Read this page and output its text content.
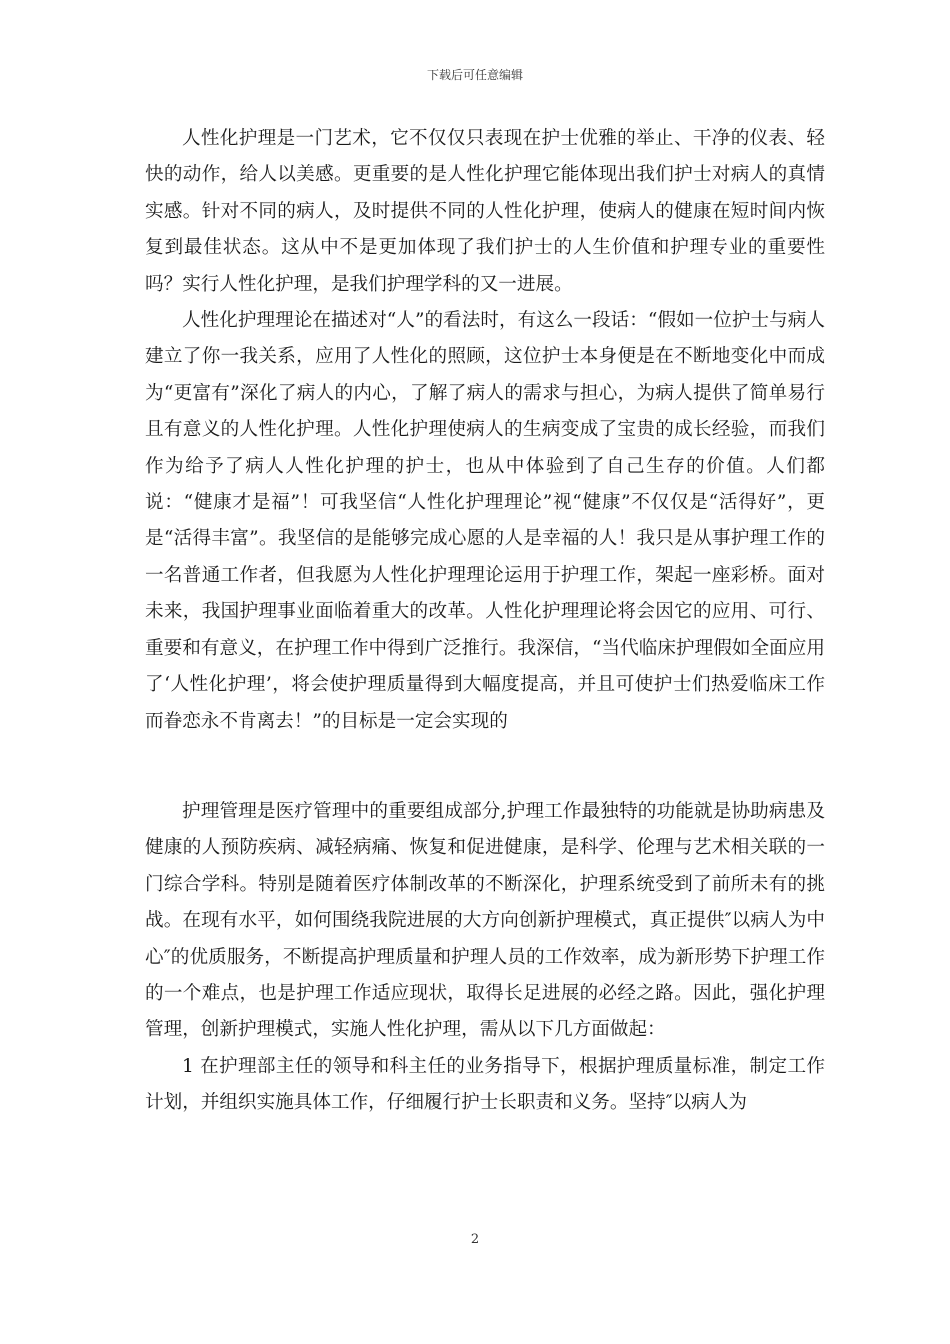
下载后可任意编辑

人性化护理是一门艺术，它不仅仅只表现在护士优雅的举止、干净的仪表、轻快的动作，给人以美感。更重要的是人性化护理它能体现出我们护士对病人的真情实感。针对不同的病人，及时提供不同的人性化护理，使病人的健康在短时间内恢复到最佳状态。这从中不是更加体现了我们护士的人生价值和护理专业的重要性吗？实行人性化护理，是我们护理学科的又一进展。

人性化护理理论在描述对“人”的看法时，有这么一段话：“假如一位护士与病人建立了你一我关系，应用了人性化的照顾，这位护士本身便是在不断地变化中而成为“更富有”深化了病人的内心，了解了病人的需求与担心，为病人提供了简单易行且有意义的人性化护理。人性化护理使病人的生病变成了宝贵的成长经验，而我们作为给予了病人人性化护理的护士，也从中体验到了自己生存的价值。人们都说：“健康才是福”！可我坚信“人性化护理理论”视“健康”不仅仅是“活得好”，更是“活得丰富”。我坚信的是能够完成心愿的人是幸福的人！我只是从事护理工作的一名普通工作者，但我愿为人性化护理理论运用于护理工作，架起一座彩桥。面对未来，我国护理事业面临着重大的改革。人性化护理理论将会因它的应用、可行、重要和有意义，在护理工作中得到广泛推行。我深信，“当代临床护理假如全面应用了‘人性化护理’，将会使护理质量得到大幅度提高，并且可使护士们热爱临床工作而眷恋永不肯离去！”的目标是一定会实现的

护理管理是医疗管理中的重要组成部分,护理工作最独特的功能就是协助病患及健康的人预防疾病、减轻病痛、恢复和促进健康，是科学、伦理与艺术相关联的一门综合学科。特别是随着医疗体制改革的不断深化，护理系统受到了前所未有的挑战。在现有水平，如何围绕我院进展的大方向创新护理模式，真正提供″以病人为中心″的优质服务，不断提高护理质量和护理人员的工作效率，成为新形势下护理工作的一个难点，也是护理工作适应现状，取得长足进展的必经之路。因此，强化护理管理，创新护理模式，实施人性化护理，需从以下几方面做起：

1 在护理部主任的领导和科主任的业务指导下，根据护理质量标准，制定工作计划，并组织实施具体工作，仔细履行护士长职责和义务。坚持″以病人为

2
